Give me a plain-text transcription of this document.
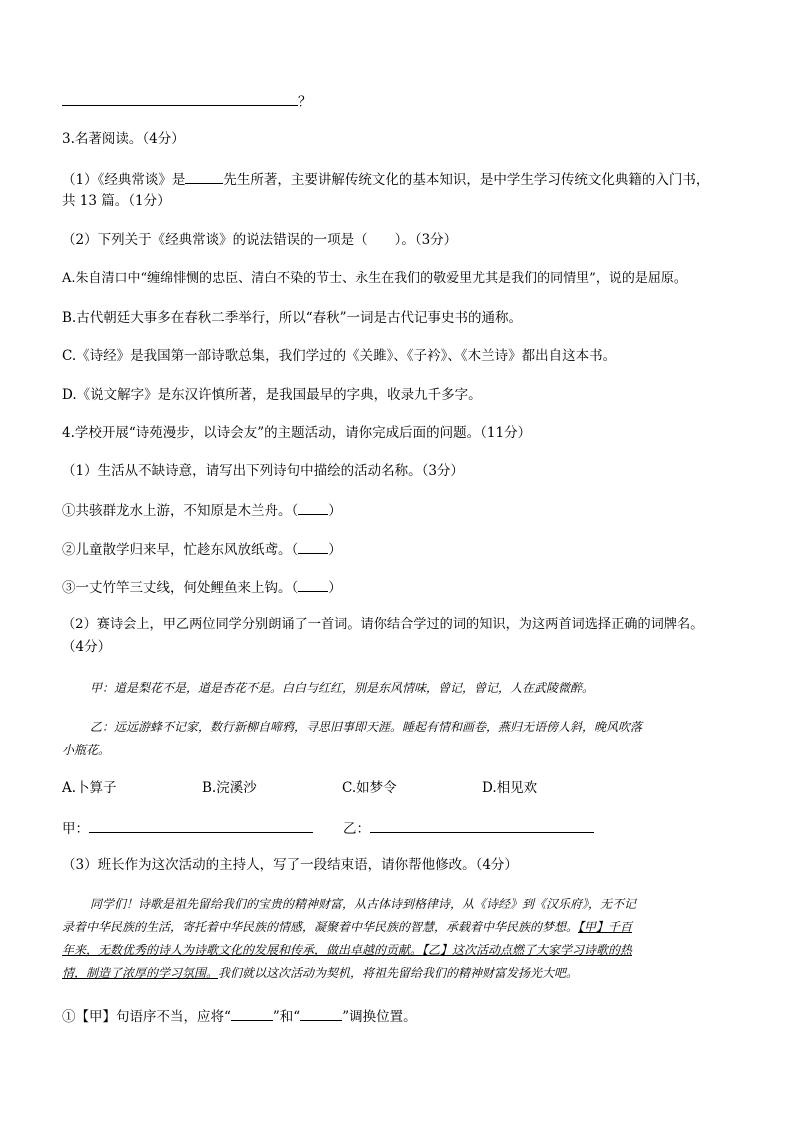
？
3.名著阅读。（4分）
（1）《经典常谈》是	先生所著，主要讲解传统文化的基本知识，是中学生学习传统文化典籍的入门书，
共 13 篇。（1分）
（2）下列关于《经典常谈》的说法错误的一项是（　　）。（3分）
A.朱自清口中“缠绵悱恻的忠臣、清白不染的节士、永生在我们的敬爱里尤其是我们的同情里”，说的是屈原。
B.古代朝廷大事多在春秋二季举行，所以“春秋”一词是古代记事史书的通称。
C.《诗经》是我国第一部诗歌总集，我们学过的《关雎》、《子衿》、《木兰诗》都出自这本书。
D.《说文解字》是东汉许慎所著，是我国最早的字典，收录九千多字。
4.学校开展“诗苑漫步，以诗会友”的主题活动，请你完成后面的问题。（11分）
（1）生活从不缺诗意，请写出下列诗句中描绘的活动名称。（3分）
①共骇群龙水上游，不知原是木兰舟。（ ）
②儿童散学归来早，忙趁东风放纸鸢。（ ）
③一丈竹竿三丈线，何处鲤鱼来上钩。（ ）
（2）赛诗会上，甲乙两位同学分别朗诵了一首词。请你结合学过的词的知识，为这两首词选择正确的词牌名。
（4分）
甲：道是梨花不是，道是杏花不是。白白与红红，别是东风情味，曾记，曾记，人在武陵微醉。
乙：远远游蜂不记家，数行新柳自啼鸦，寻思旧事即天涯。睡起有情和画卷，燕归无语傍人斜，晚风吹落
小瓶花。
A.卜算子	B.浣溪沙	C.如梦令	D.相见欢
甲：	乙：
（3）班长作为这次活动的主持人，写了一段结束语，请你帮他修改。（4分）
同学们！诗歌是祖先留给我们的宝贵的精神财富，从古体诗到格律诗，从《诗经》到《汉乐府》，无不记
录着中华民族的生活，寄托着中华民族的情感，凝聚着中华民族的智慧，承载着中华民族的梦想。【甲】千百
年来，无数优秀的诗人为诗歌文化的发展和传承，做出卓越的贡献。【乙】这次活动点燃了大家学习诗歌的热
情，制造了浓厚的学习氛围。我们就以这次活动为契机，将祖先留给我们的精神财富发扬光大吧。
①【甲】句语序不当，应将“	”和“	”调换位置。
